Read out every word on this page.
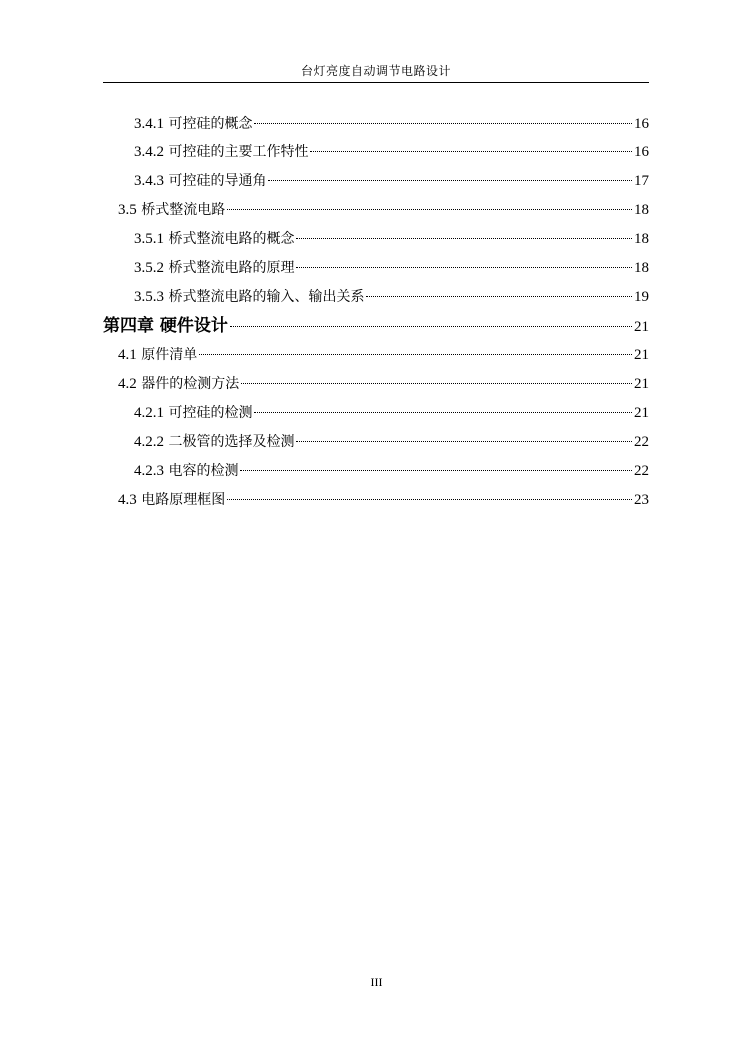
台灯亮度自动调节电路设计
3.4.1 可控硅的概念	16
3.4.2 可控硅的主要工作特性	16
3.4.3 可控硅的导通角	17
3.5 桥式整流电路	18
3.5.1 桥式整流电路的概念	18
3.5.2 桥式整流电路的原理	18
3.5.3 桥式整流电路的输入、输出关系	19
第四章 硬件设计	21
4.1 原件清单	21
4.2 器件的检测方法	21
4.2.1 可控硅的检测	21
4.2.2 二极管的选择及检测	22
4.2.3 电容的检测	22
4.3 电路原理框图	23
III
